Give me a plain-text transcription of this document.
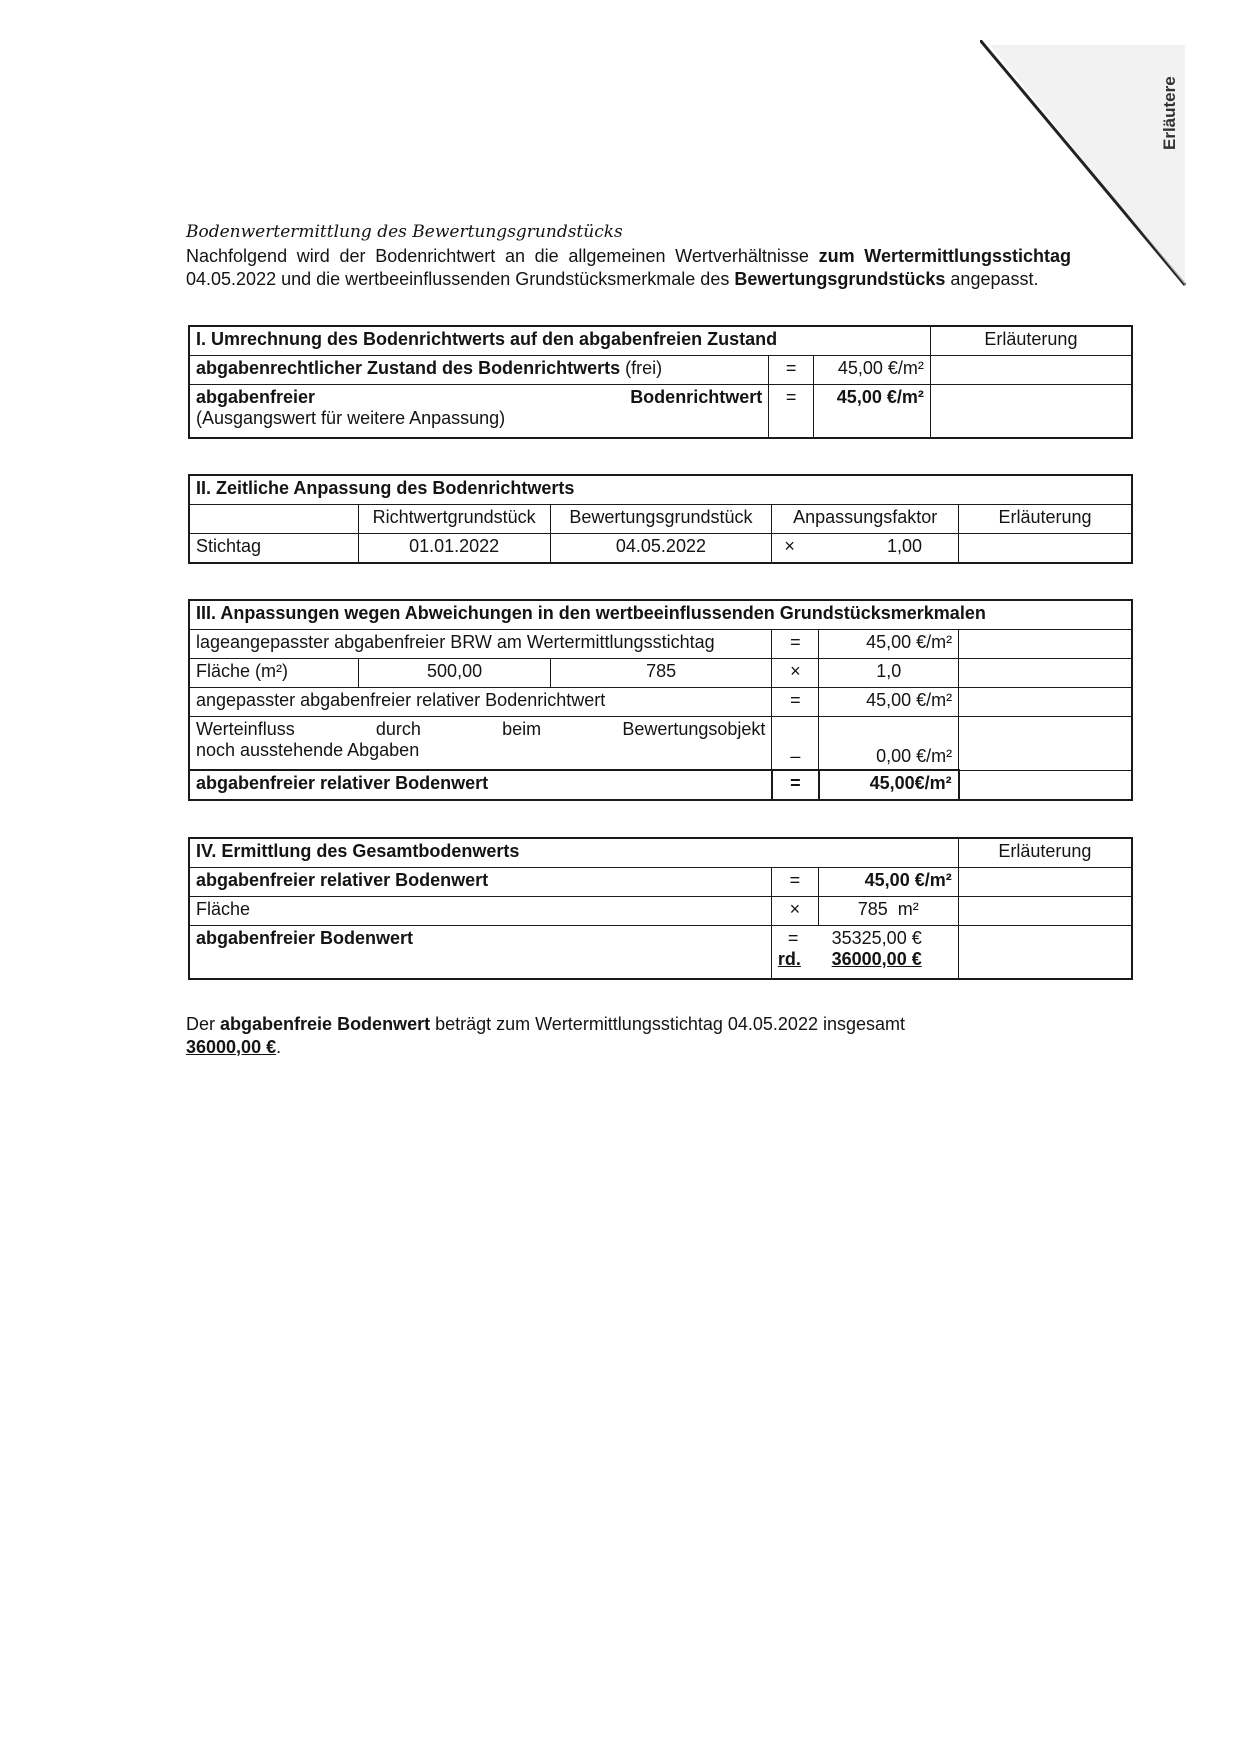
Erläutere
Bodenwertermittlung des Bewertungsgrundstücks
Nachfolgend wird der Bodenrichtwert an die allgemeinen Wertverhältnisse zum Wertermittlungsstichtag 04.05.2022 und die wertbeeinflussenden Grundstücksmerkmale des Bewertungsgrundstücks angepasst.
I. Umrechnung des Bodenrichtwerts auf den abgabenfreien Zustand			Erläuterung
abgabenrechtlicher Zustand des Bodenrichtwerts (frei)	=	45,00 €/m²	

abgabenfreier Bodenrichtwert
(Ausgangswert für weitere Anpassung)	=	45,00 €/m²	
II. Zeitliche Anpassung des Bodenrichtwerts				
	Richtwertgrundstück	Bewertungsgrundstück	Anpassungsfaktor	Erläuterung
Stichtag	01.01.2022	04.05.2022	× 1,00	

III. Anpassungen wegen Abweichungen in den wertbeeinflussenden Grundstücksmerkmalen					
lageangepasster abgabenfreier BRW am Wertermittlungsstichtag			=	45,00 €/m²	
Fläche (m²)	500,00	785	×	1,0	
angepasster abgabenfreier relativer Bodenrichtwert			=	45,00 €/m²	

Werteinfluss durch beim Bewertungsobjekt
noch ausstehende Abgaben			–	0,00 €/m²	
abgabenfreier relativer Bodenwert			=	45,00€/m²	
IV. Ermittlung des Gesamtbodenwerts			Erläuterung
abgabenfreier relativer Bodenwert	=	45,00 €/m²	
Fläche	×	785  m²	
abgabenfreier Bodenwert	= 35325,00 €
rd. 36000,00 €		

Der abgabenfreie Bodenwert beträgt zum Wertermittlungsstichtag 04.05.2022 insgesamt
36000,00 €.
